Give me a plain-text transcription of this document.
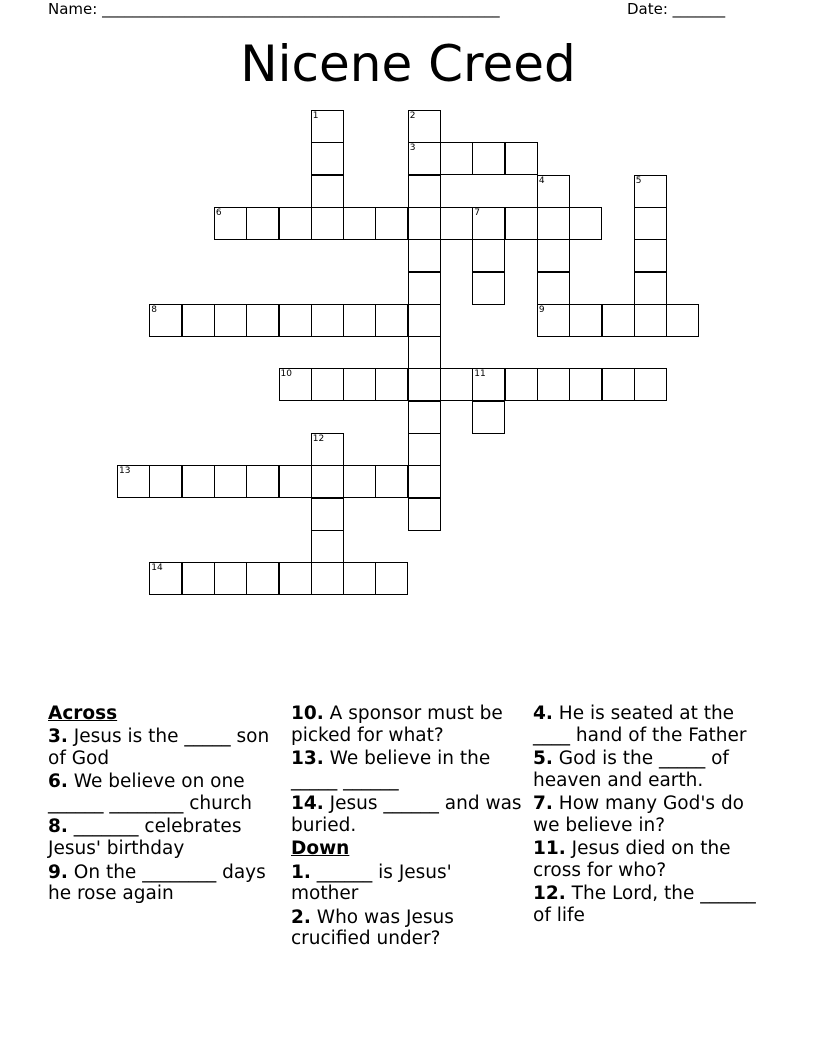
Name: _____________________________________________________	Date: _______
Nicene Creed
1	2
3
4	5
6	7
8	9
10	11
12
13
14
Across
3. Jesus is the _____ son of God
6. We believe on one ______ ________ church
8. _______ celebrates Jesus' birthday
9. On the ________ days he rose again
10. A sponsor must be picked for what?
13. We believe in the _____ ______
14. Jesus ______ and was buried.
Down
1. ______ is Jesus' mother
2. Who was Jesus crucified under?
4. He is seated at the ____ hand of the Father
5. God is the _____ of heaven and earth.
7. How many God's do we believe in?
11. Jesus died on the cross for who?
12. The Lord, the ______ of life
